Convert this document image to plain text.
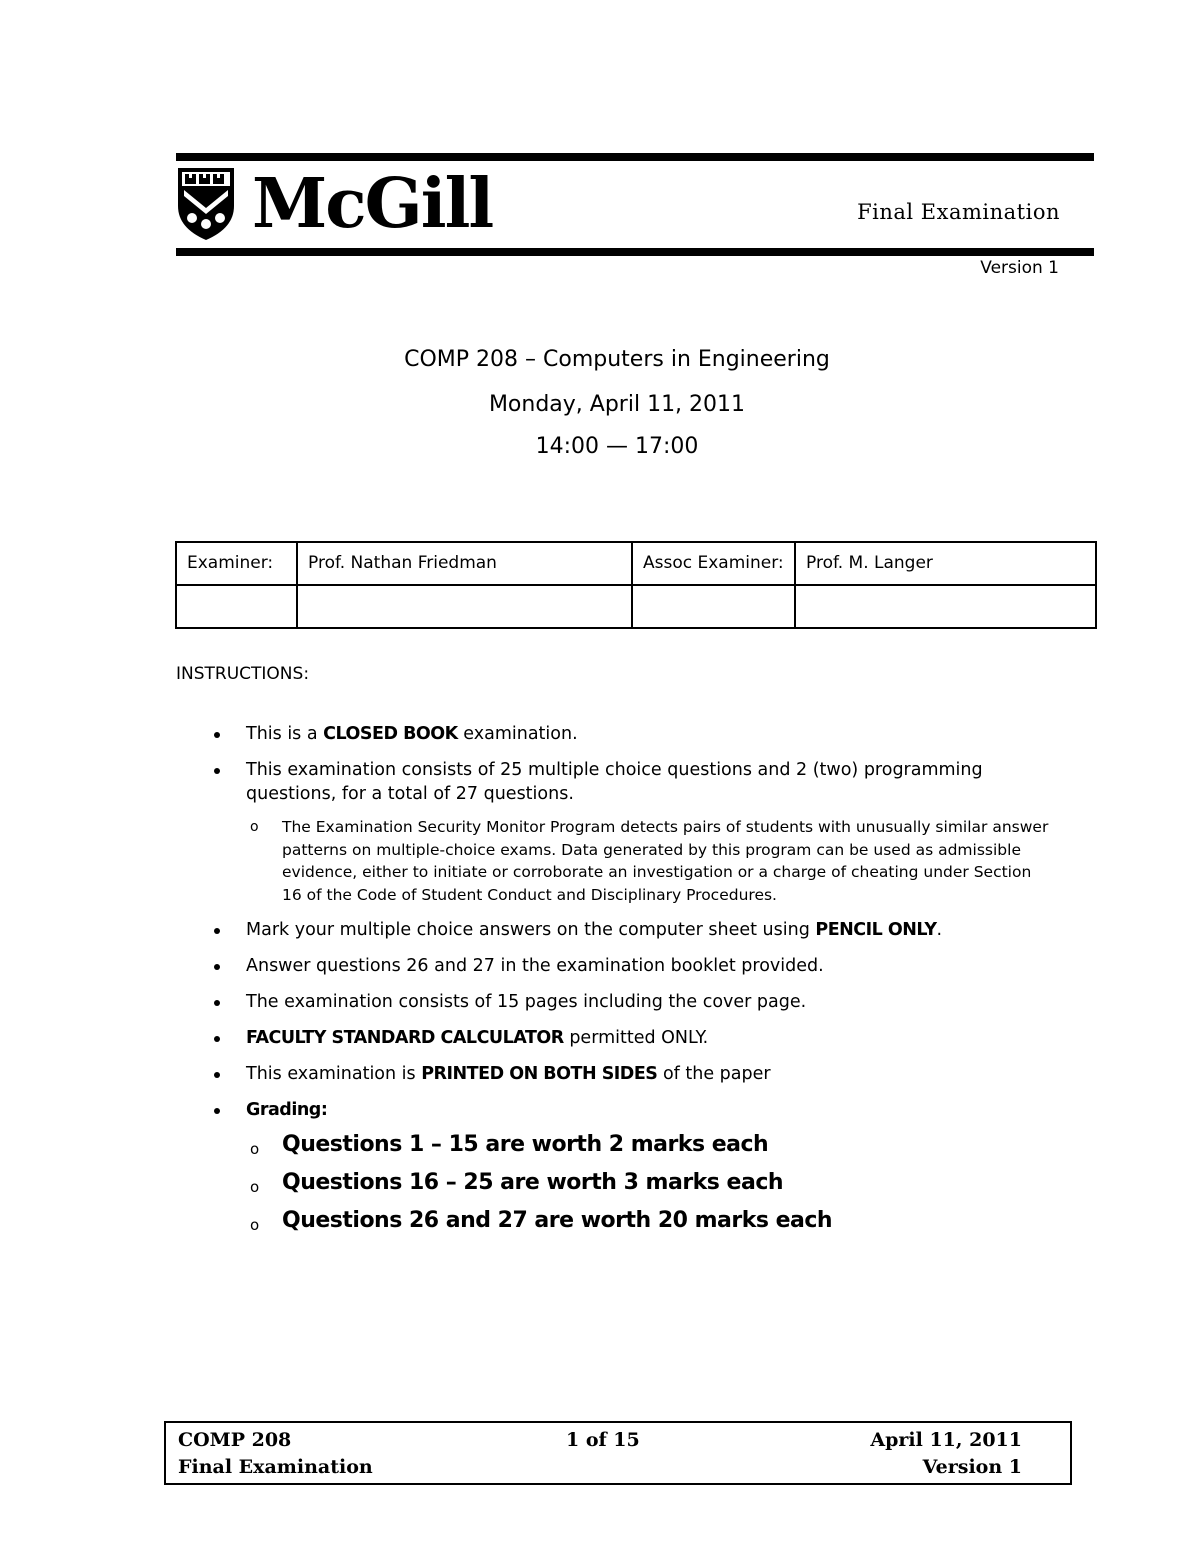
McGill	Final Examination
Version 1
COMP 208 – Computers in Engineering
Monday, April 11, 2011
14:00 — 17:00
Examiner:	Prof. Nathan Friedman	Assoc Examiner:	Prof. M. Langer

INSTRUCTIONS:
This is a CLOSED BOOK examination.
This examination consists of 25 multiple choice questions and 2 (two) programming questions, for a total of 27 questions.
o The Examination Security Monitor Program detects pairs of students with unusually similar answer patterns on multiple-choice exams. Data generated by this program can be used as admissible evidence, either to initiate or corroborate an investigation or a charge of cheating under Section 16 of the Code of Student Conduct and Disciplinary Procedures.
Mark your multiple choice answers on the computer sheet using PENCIL ONLY.
Answer questions 26 and 27 in the examination booklet provided.
The examination consists of 15 pages including the cover page.
FACULTY STANDARD CALCULATOR permitted ONLY.
This examination is PRINTED ON BOTH SIDES of the paper
Grading:
o Questions 1 – 15 are worth 2 marks each
o Questions 16 – 25 are worth 3 marks each
o Questions 26 and 27 are worth 20 marks each
COMP 208
Final Examination
1 of 15	April 11, 2011
Version 1
